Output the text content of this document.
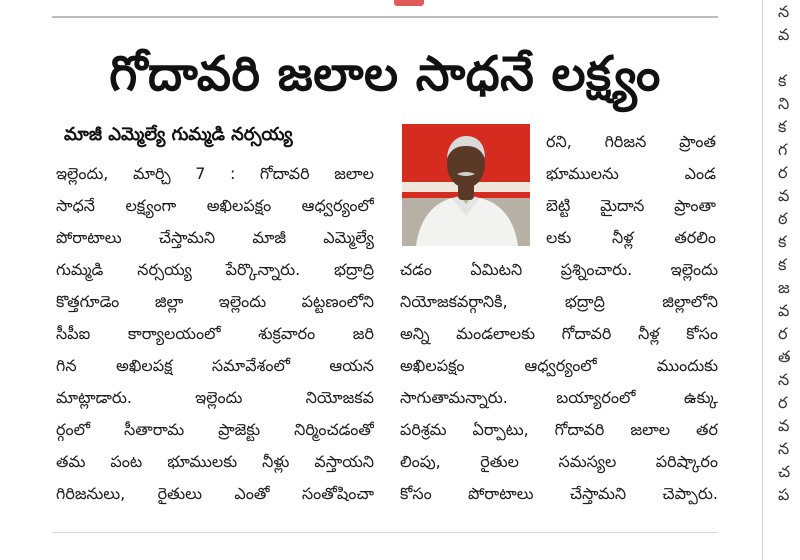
న
వ

క
ని
క
గ
ర
వ
ఠ
క
క
జ
వ
ర
త
న
ర
వ
న
చ
ప
గోదావరి జలాల సాధనే లక్ష్యం
మాజీ ఎమ్మెల్యే గుమ్మడి నర్సయ్య
ఇల్లెందు, మార్చి 7 : గోదావరి జలాల
సాధనే లక్ష్యంగా అఖిలపక్షం ఆధ్వర్యంలో
పోరాటాలు చేస్తామని మాజీ ఎమ్మెల్యే
గుమ్మడి నర్సయ్య పేర్కొన్నారు. భద్రాద్రి
కొత్తగూడెం జిల్లా ఇల్లెందు పట్టణంలోని
సీపీఐ కార్యాలయంలో శుక్రవారం జరి
గిన అఖిలపక్ష సమావేశంలో ఆయన
మాట్లాడారు. ఇల్లెందు నియోజకవ
ర్గంలో సీతారామ ప్రాజెక్టు నిర్మించడంతో
తమ పంట భూములకు నీళ్లు వస్తాయని
గిరిజనులు, రైతులు ఎంతో సంతోషించా
రని, గిరిజన ప్రాంత
భూములను ఎండ
బెట్టి మైదాన ప్రాంతా
లకు నీళ్ల తరలిం
చడం ఏమిటని ప్రశ్నించారు. ఇల్లెందు
నియోజకవర్గానికి, భద్రాద్రి జిల్లాలోని
అన్ని మండలాలకు గోదావరి నీళ్ల కోసం
అఖిలపక్షం ఆధ్వర్యంలో ముందుకు
సాగుతామన్నారు. బయ్యారంలో ఉక్కు
పరిశ్రమ ఏర్పాటు, గోదావరి జలాల తర
లింపు, రైతుల సమస్యల పరిష్కారం
కోసం పోరాటాలు చేస్తామని చెప్పారు.
